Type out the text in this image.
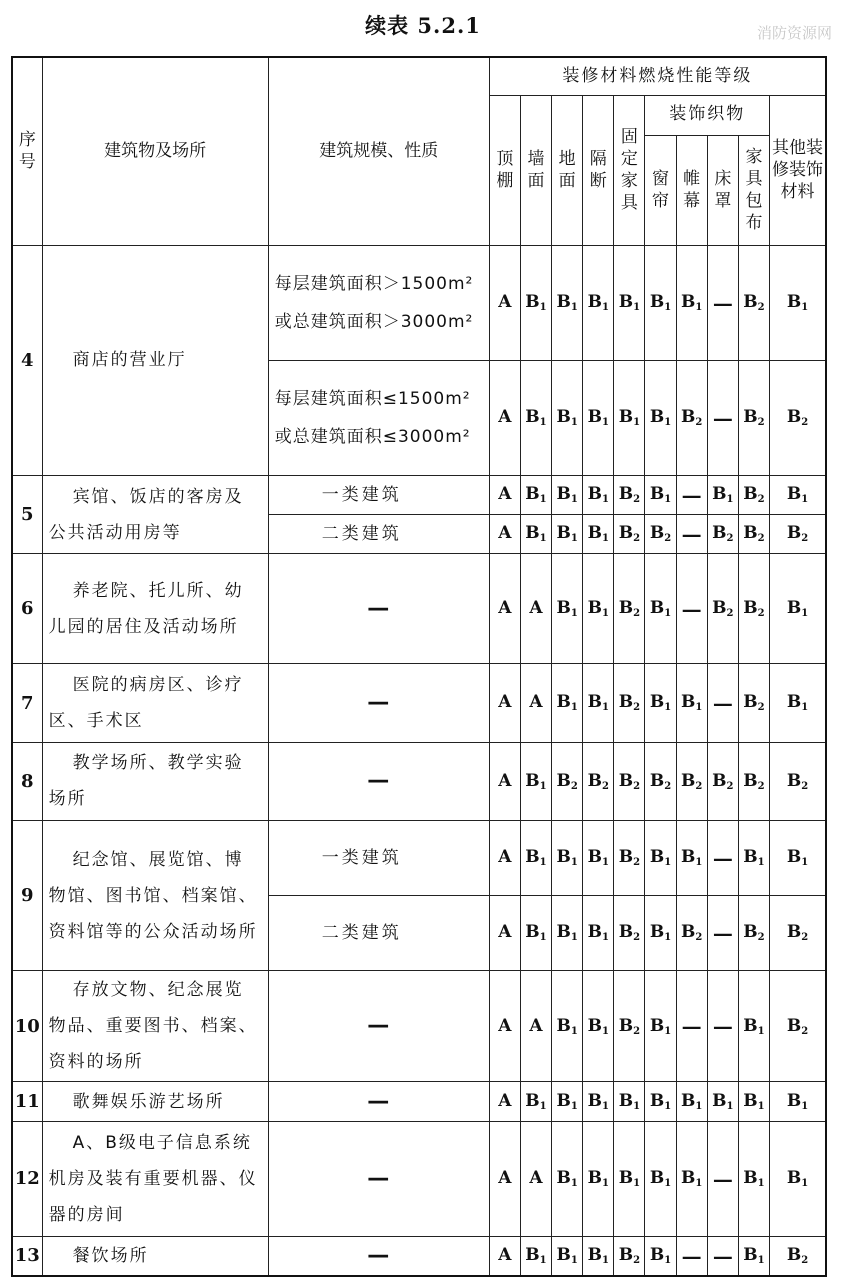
续表 5.2.1	消防资源网
序号	建筑物及场所	建筑规模、性质	装修材料燃烧性能等级									
			顶棚	墙面	地面	隔断	固定家具	装饰织物				其他装修装饰材料
								窗帘	帷幕	床罩	家具包布	
4	商店的营业厅	每层建筑面积＞1500m²或总建筑面积＞3000m²	A	$B_1$	$B_1$	$B_1$	$B_1$	$B_1$	$B_1$	—	$B_2$	$B_1$
		每层建筑面积≤1500m²或总建筑面积≤3000m²	A	$B_1$	$B_1$	$B_1$	$B_1$	$B_1$	$B_2$	—	$B_2$	$B_2$
5	宾馆、饭店的客房及公共活动用房等	一类建筑	A	$B_1$	$B_1$	$B_1$	$B_2$	$B_1$	—	$B_1$	$B_2$	$B_1$
		二类建筑	A	$B_1$	$B_1$	$B_1$	$B_2$	$B_2$	—	$B_2$	$B_2$	$B_2$
6	养老院、托儿所、幼儿园的居住及活动场所	—	A	A	$B_1$	$B_1$	$B_2$	$B_1$	—	$B_2$	$B_2$	$B_1$
7	医院的病房区、诊疗区、手术区	—	A	A	$B_1$	$B_1$	$B_2$	$B_1$	$B_1$	—	$B_2$	$B_1$
8	教学场所、教学实验场所	—	A	$B_1$	$B_2$	$B_2$	$B_2$	$B_2$	$B_2$	$B_2$	$B_2$	$B_2$
9	纪念馆、展览馆、博物馆、图书馆、档案馆、资料馆等的公众活动场所	一类建筑	A	$B_1$	$B_1$	$B_1$	$B_2$	$B_1$	$B_1$	—	$B_1$	$B_1$
		二类建筑	A	$B_1$	$B_1$	$B_1$	$B_2$	$B_1$	$B_2$	—	$B_2$	$B_2$
10	存放文物、纪念展览物品、重要图书、档案、资料的场所	—	A	A	$B_1$	$B_1$	$B_2$	$B_1$	—	—	$B_1$	$B_2$
11	歌舞娱乐游艺场所	—	A	$B_1$	$B_1$	$B_1$	$B_1$	$B_1$	$B_1$	$B_1$	$B_1$	$B_1$
12	A、B级电子信息系统机房及装有重要机器、仪器的房间	—	A	A	$B_1$	$B_1$	$B_1$	$B_1$	$B_1$	—	$B_1$	$B_1$
13	餐饮场所	—	A	$B_1$	$B_1$	$B_1$	$B_2$	$B_1$	—	—	$B_1$	$B_2$
